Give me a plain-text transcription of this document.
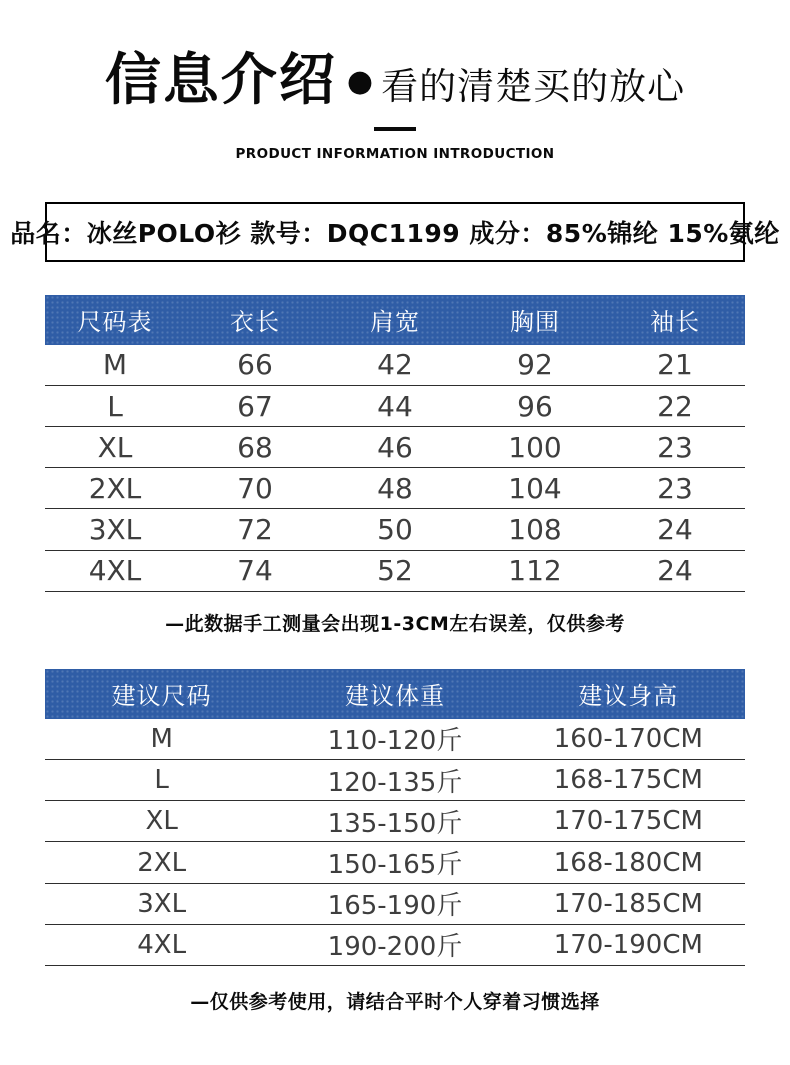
信息介绍 ● 看的清楚买的放心
PRODUCT INFORMATION INTRODUCTION
品名：冰丝POLO衫 款号：DQC1199 成分：85%锦纶 15%氨纶
尺码表	衣长	肩宽	胸围	袖长
M	66	42	92	21
L	67	44	96	22
XL	68	46	100	23
2XL	70	48	104	23
3XL	72	50	108	24
4XL	74	52	112	24
—此数据手工测量会出现1-3CM左右误差，仅供参考
建议尺码	建议体重	建议身高
M	110-120斤	160-170CM
L	120-135斤	168-175CM
XL	135-150斤	170-175CM
2XL	150-165斤	168-180CM
3XL	165-190斤	170-185CM
4XL	190-200斤	170-190CM
—仅供参考使用，请结合平时个人穿着习惯选择
